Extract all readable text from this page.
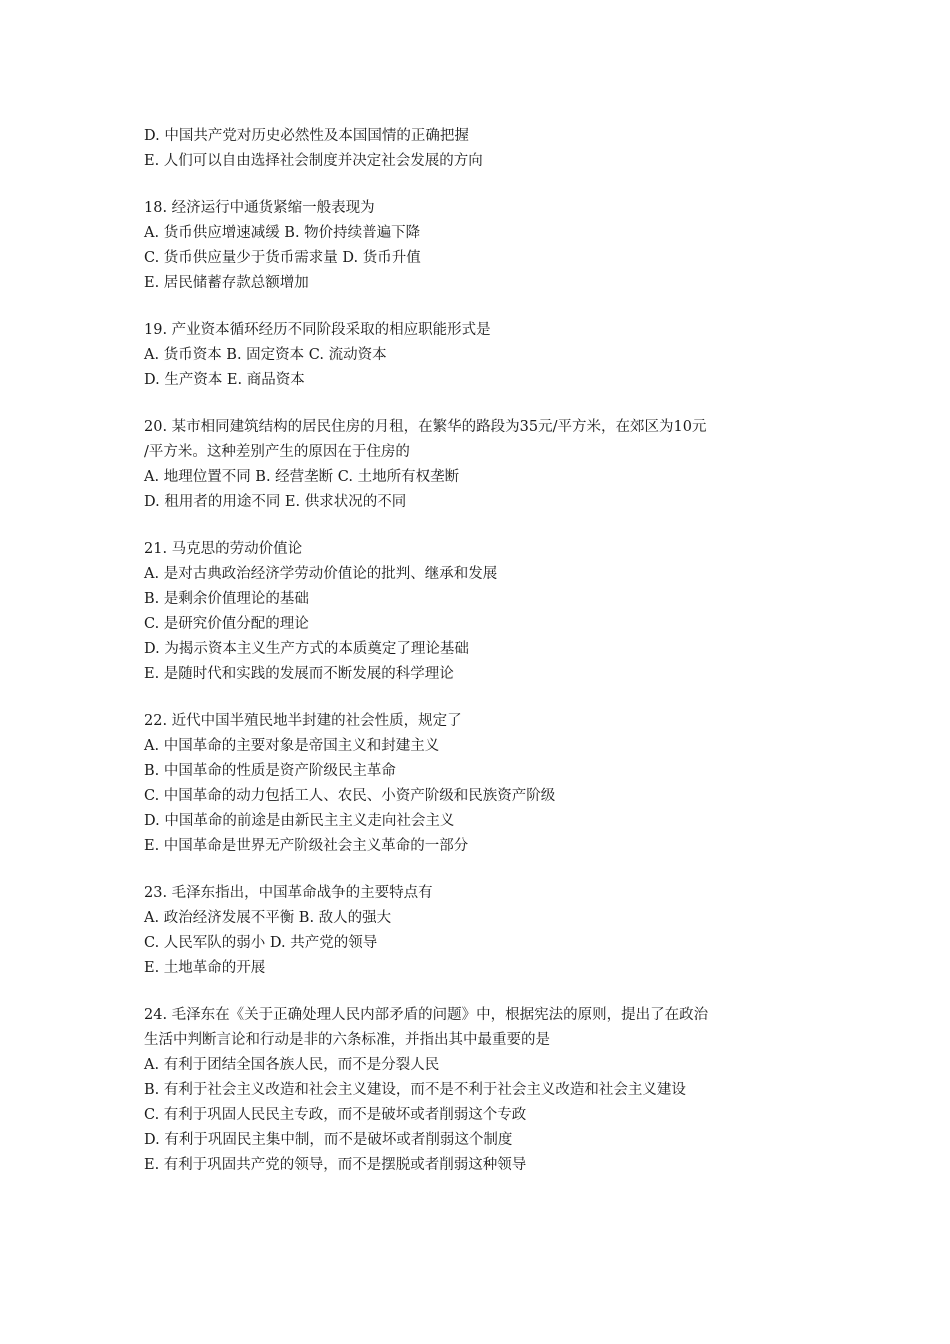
D. 中国共产党对历史必然性及本国国情的正确把握
E. 人们可以自由选择社会制度并决定社会发展的方向
18. 经济运行中通货紧缩一般表现为
A. 货币供应增速减缓 B. 物价持续普遍下降
C. 货币供应量少于货币需求量 D. 货币升值
E. 居民储蓄存款总额增加
19. 产业资本循环经历不同阶段采取的相应职能形式是
A. 货币资本 B. 固定资本 C. 流动资本
D. 生产资本 E. 商品资本
20. 某市相同建筑结构的居民住房的月租，在繁华的路段为35元/平方米，在郊区为10元
/平方米。这种差别产生的原因在于住房的
A. 地理位置不同 B. 经营垄断 C. 土地所有权垄断
D. 租用者的用途不同 E. 供求状况的不同
21. 马克思的劳动价值论
A. 是对古典政治经济学劳动价值论的批判、继承和发展
B. 是剩余价值理论的基础
C. 是研究价值分配的理论
D. 为揭示资本主义生产方式的本质奠定了理论基础
E. 是随时代和实践的发展而不断发展的科学理论
22. 近代中国半殖民地半封建的社会性质，规定了
A. 中国革命的主要对象是帝国主义和封建主义
B. 中国革命的性质是资产阶级民主革命
C. 中国革命的动力包括工人、农民、小资产阶级和民族资产阶级
D. 中国革命的前途是由新民主主义走向社会主义
E. 中国革命是世界无产阶级社会主义革命的一部分
23. 毛泽东指出，中国革命战争的主要特点有
A. 政治经济发展不平衡 B. 敌人的强大
C. 人民军队的弱小 D. 共产党的领导
E. 土地革命的开展
24. 毛泽东在《关于正确处理人民内部矛盾的问题》中，根据宪法的原则，提出了在政治
生活中判断言论和行动是非的六条标准，并指出其中最重要的是
A. 有利于团结全国各族人民，而不是分裂人民
B. 有利于社会主义改造和社会主义建设，而不是不利于社会主义改造和社会主义建设
C. 有利于巩固人民民主专政，而不是破坏或者削弱这个专政
D. 有利于巩固民主集中制，而不是破坏或者削弱这个制度
E. 有利于巩固共产党的领导，而不是摆脱或者削弱这种领导
